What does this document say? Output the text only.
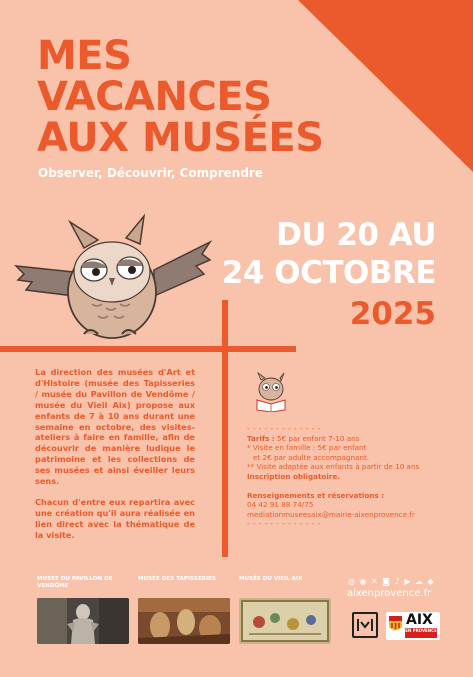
MES
VACANCES
AUX MUSÉES
Observer, Découvrir, Comprendre
DU 20 AU
24 OCTOBRE
2025

La direction des musées d'Art et d'Histoire (musée des Tapisseries / musée du Pavillon de Vendôme / musée du Vieil Aix) propose aux enfants de 7 à 10 ans durant une semaine en octobre, des visites-ateliers à faire en famille, afin de découvrir de manière ludique le patrimoine et les collections de ses musées et ainsi éveiller leurs sens.

Chacun d'entre eux repartira avec une création qu'il aura réalisée en lien direct avec la thématique de la visite.

- - - - - - - - - - - - -
Tarifs : 5€ par enfant 7-10 ans
* Visite en famille : 5€ par enfant
et 2€ par adulte accompagnant.
** Visite adaptée aux enfants à partir de 10 ans
Inscription obligatoire.
Renseignements et réservations :
04 42 91 88 74/75
mediationmuseesaix@mairie-aixenprovence.fr
- - - - - - - - - - - - -
MUSÉE DU PAVILLON DE VENDÔME
MUSÉE DES TAPISSERIES	MUSÉE DU VIEIL AIX	◎ ◉ ✕ ◙ ♪ ▶ ☁ ◆
aixenprovence.fr
AIX
EN PROVENCE
